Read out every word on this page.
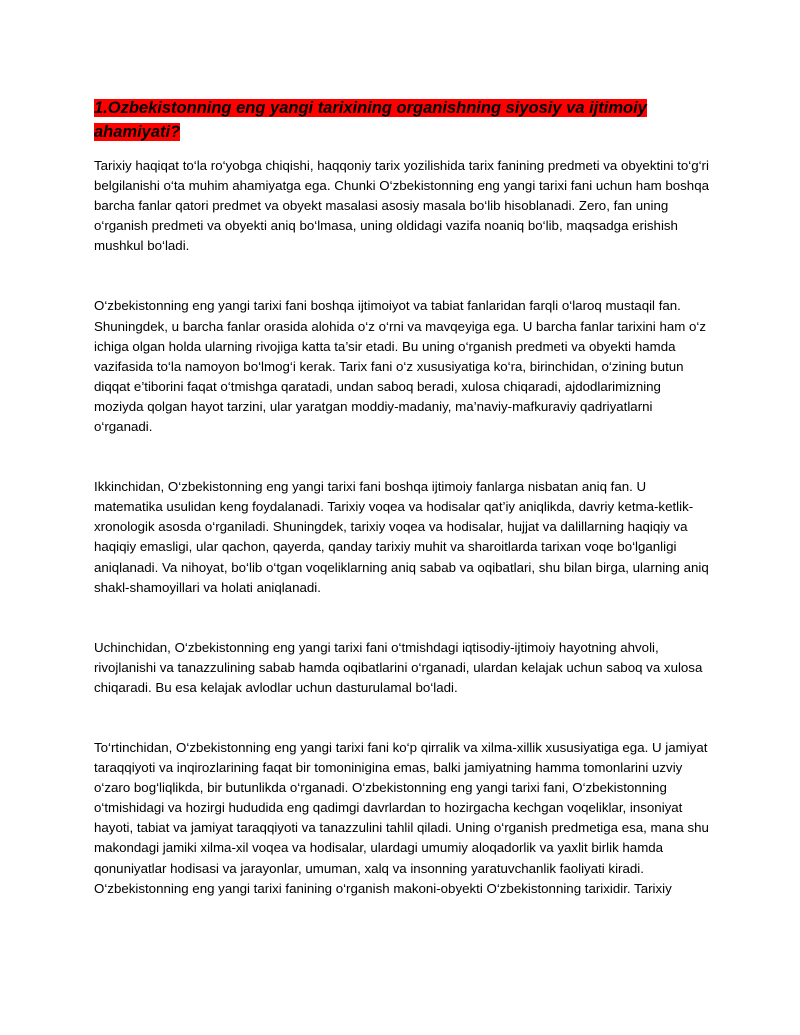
1.Ozbekistonning eng yangi tarixining organishning siyosiy va ijtimoiy ahamiyati?

Tarixiy haqiqat to‘la ro‘yobga chiqishi, haqqoniy tarix yozilishida tarix fanining predmeti va obyektini to‘g‘ri belgilanishi o‘ta muhim ahamiyatga ega. Chunki O‘zbekistonning eng yangi tarixi fani uchun ham boshqa barcha fanlar qatori predmet va obyekt masalasi asosiy masala bo‘lib hisoblanadi. Zero, fan uning o‘rganish predmeti va obyekti aniq bo‘lmasa, uning oldidagi vazifa noaniq bo‘lib, maqsadga erishish mushkul bo‘ladi.

O‘zbekistonning eng yangi tarixi fani boshqa ijtimoiyot va tabiat fanlaridan farqli o‘laroq mustaqil fan. Shuningdek, u barcha fanlar orasida alohida o‘z o‘rni va mavqeyiga ega. U barcha fanlar tarixini ham o‘z ichiga olgan holda ularning rivojiga katta ta’sir etadi. Bu uning o‘rganish predmeti va obyekti hamda vazifasida to‘la namoyon bo‘lmog‘i kerak. Tarix fani o‘z xususiyatiga ko‘ra, birinchidan, o‘zining butun diqqat e’tiborini faqat o‘tmishga qaratadi, undan saboq beradi, xulosa chiqaradi, ajdodlarimizning moziyda qolgan hayot tarzini, ular yaratgan moddiy-madaniy, ma’naviy-mafkuraviy qadriyatlarni o‘rganadi.

Ikkinchidan, O‘zbekistonning eng yangi tarixi fani boshqa ijtimoiy fanlarga nisbatan aniq fan. U matematika usulidan keng foydalanadi. Tarixiy voqea va hodisalar qat’iy aniqlikda, davriy ketma-ketlik-xronologik asosda o‘rganiladi. Shuningdek, tarixiy voqea va hodisalar, hujjat va dalillarning haqiqiy va haqiqiy emasligi, ular qachon, qayerda, qanday tarixiy muhit va sharoitlarda tarixan voqe bo‘lganligi aniqlanadi. Va nihoyat, bo‘lib o‘tgan voqeliklarning aniq sabab va oqibatlari, shu bilan birga, ularning aniq shakl-shamoyillari va holati aniqlanadi.

Uchinchidan, O‘zbekistonning eng yangi tarixi fani o‘tmishdagi iqtisodiy-ijtimoiy hayotning ahvoli, rivojlanishi va tanazzulining sabab hamda oqibatlarini o‘rganadi, ulardan kelajak uchun saboq va xulosa chiqaradi. Bu esa kelajak avlodlar uchun dasturulamal bo‘ladi.

To‘rtinchidan, O‘zbekistonning eng yangi tarixi fani ko‘p qirralik va xilma-xillik xususiyatiga ega. U jamiyat taraqqiyoti va inqirozlarining faqat bir tomoninigina emas, balki jamiyatning hamma tomonlarini uzviy o‘zaro bog‘liqlikda, bir butunlikda o‘rganadi. O‘zbekistonning eng yangi tarixi fani, O‘zbekistonning o‘tmishidagi va hozirgi hududida eng qadimgi davrlardan to hozirgacha kechgan voqeliklar, insoniyat hayoti, tabiat va jamiyat taraqqiyoti va tanazzulini tahlil qiladi. Uning o‘rganish predmetiga esa, mana shu makondagi jamiki xilma-xil voqea va hodisalar, ulardagi umumiy aloqadorlik va yaxlit birlik hamda qonuniyatlar hodisasi va jarayonlar, umuman, xalq va insonning yaratuvchanlik faoliyati kiradi. O‘zbekistonning eng yangi tarixi fanining o‘rganish makoni-obyekti O‘zbekistonning tarixidir. Tarixiy
